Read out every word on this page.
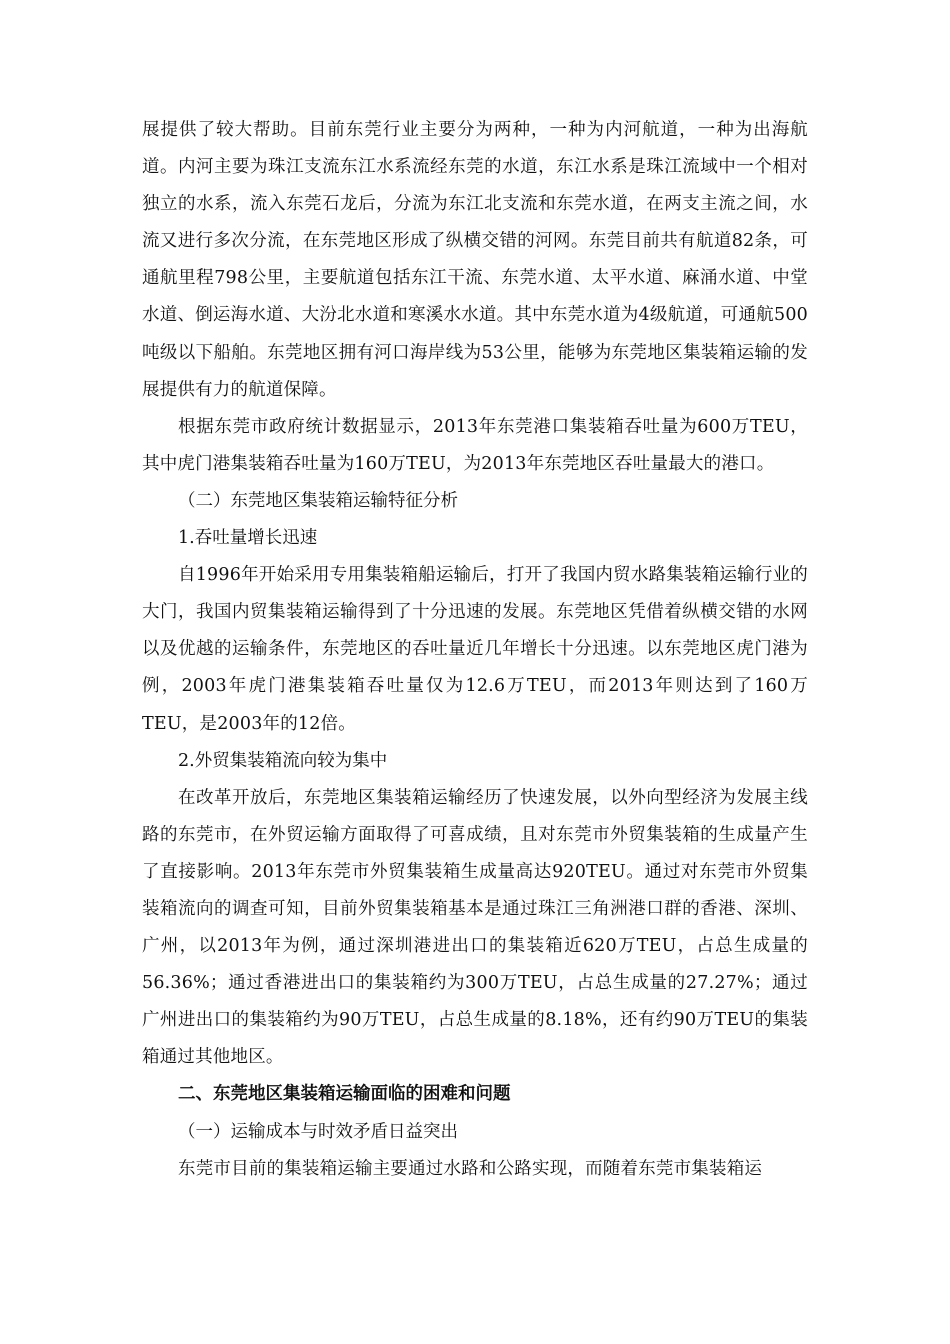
展提供了较大帮助。目前东莞行业主要分为两种，一种为内河航道，一种为出海航道。内河主要为珠江支流东江水系流经东莞的水道，东江水系是珠江流域中一个相对独立的水系，流入东莞石龙后，分流为东江北支流和东莞水道，在两支主流之间，水流又进行多次分流，在东莞地区形成了纵横交错的河网。东莞目前共有航道82条，可通航里程798公里，主要航道包括东江干流、东莞水道、太平水道、麻涌水道、中堂水道、倒运海水道、大汾北水道和寒溪水水道。其中东莞水道为4级航道，可通航500吨级以下船舶。东莞地区拥有河口海岸线为53公里，能够为东莞地区集装箱运输的发展提供有力的航道保障。

根据东莞市政府统计数据显示，2013年东莞港口集装箱吞吐量为600万TEU，其中虎门港集装箱吞吐量为160万TEU，为2013年东莞地区吞吐量最大的港口。

（二）东莞地区集装箱运输特征分析

1.吞吐量增长迅速

自1996年开始采用专用集装箱船运输后，打开了我国内贸水路集装箱运输行业的大门，我国内贸集装箱运输得到了十分迅速的发展。东莞地区凭借着纵横交错的水网以及优越的运输条件，东莞地区的吞吐量近几年增长十分迅速。以东莞地区虎门港为例，2003年虎门港集装箱吞吐量仅为12.6万TEU，而2013年则达到了160万TEU，是2003年的12倍。

2.外贸集装箱流向较为集中

在改革开放后，东莞地区集装箱运输经历了快速发展，以外向型经济为发展主线路的东莞市，在外贸运输方面取得了可喜成绩，且对东莞市外贸集装箱的生成量产生了直接影响。2013年东莞市外贸集装箱生成量高达920TEU。通过对东莞市外贸集装箱流向的调查可知，目前外贸集装箱基本是通过珠江三角洲港口群的香港、深圳、广州，以2013年为例，通过深圳港进出口的集装箱近620万TEU，占总生成量的56.36%；通过香港进出口的集装箱约为300万TEU，占总生成量的27.27%；通过广州进出口的集装箱约为90万TEU，占总生成量的8.18%，还有约90万TEU的集装箱通过其他地区。

二、东莞地区集装箱运输面临的困难和问题

（一）运输成本与时效矛盾日益突出

东莞市目前的集装箱运输主要通过水路和公路实现，而随着东莞市集装箱运
